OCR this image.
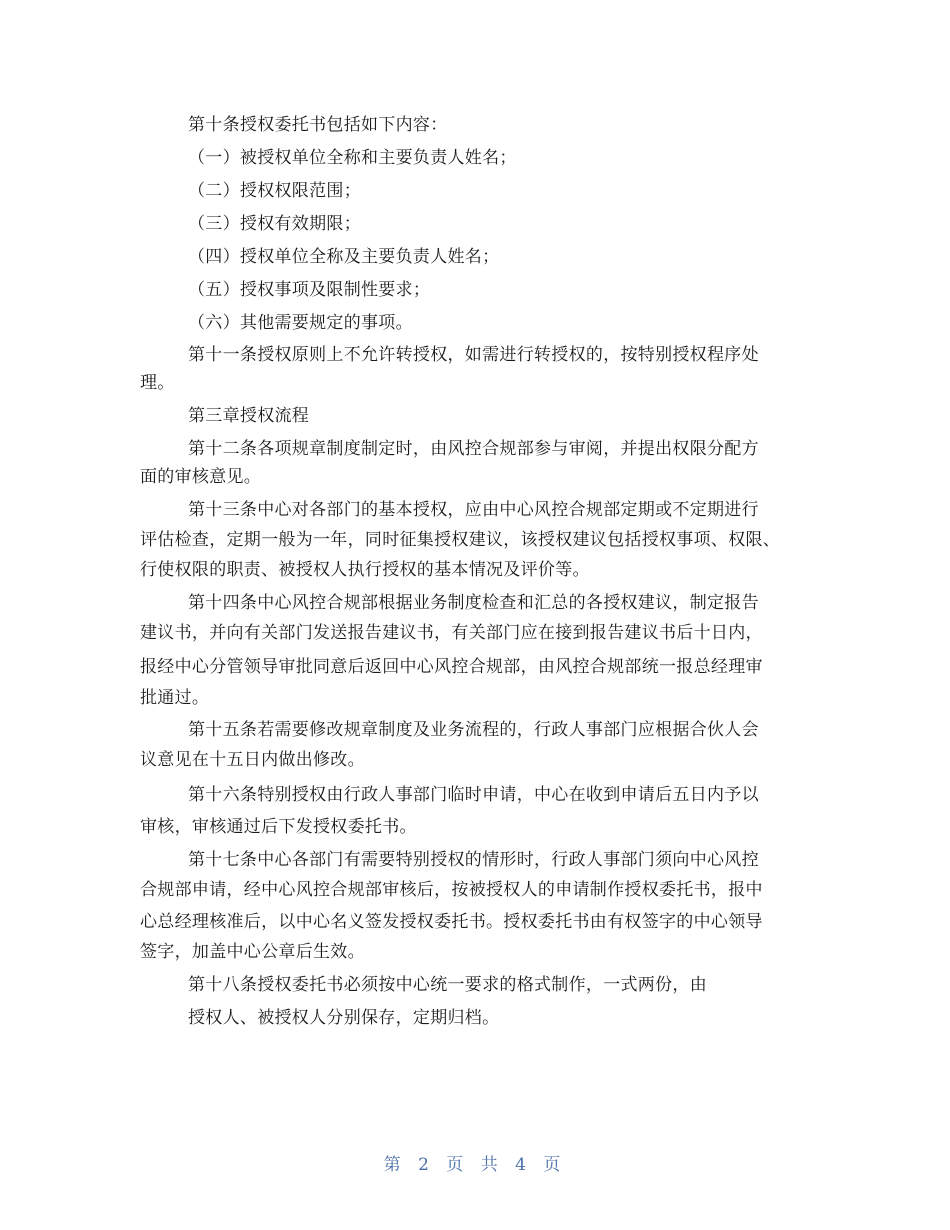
第十条授权委托书包括如下内容：
（一）被授权单位全称和主要负责人姓名；
（二）授权权限范围；
（三）授权有效期限；
（四）授权单位全称及主要负责人姓名；
（五）授权事项及限制性要求；
（六）其他需要规定的事项。
第十一条授权原则上不允许转授权，如需进行转授权的，按特别授权程序处
理。
第三章授权流程
第十二条各项规章制度制定时，由风控合规部参与审阅，并提出权限分配方
面的审核意见。
第十三条中心对各部门的基本授权，应由中心风控合规部定期或不定期进行
评估检查，定期一般为一年，同时征集授权建议，该授权建议包括授权事项、权限、
行使权限的职责、被授权人执行授权的基本情况及评价等。
第十四条中心风控合规部根据业务制度检查和汇总的各授权建议，制定报告
建议书，并向有关部门发送报告建议书，有关部门应在接到报告建议书后十日内，
报经中心分管领导审批同意后返回中心风控合规部，由风控合规部统一报总经理审
批通过。
第十五条若需要修改规章制度及业务流程的，行政人事部门应根据合伙人会
议意见在十五日内做出修改。
第十六条特别授权由行政人事部门临时申请，中心在收到申请后五日内予以
审核，审核通过后下发授权委托书。
第十七条中心各部门有需要特别授权的情形时，行政人事部门须向中心风控
合规部申请，经中心风控合规部审核后，按被授权人的申请制作授权委托书，报中
心总经理核准后，以中心名义签发授权委托书。授权委托书由有权签字的中心领导
签字，加盖中心公章后生效。
第十八条授权委托书必须按中心统一要求的格式制作，一式两份，由
授权人、被授权人分别保存，定期归档。
第 2 页 共 4 页
